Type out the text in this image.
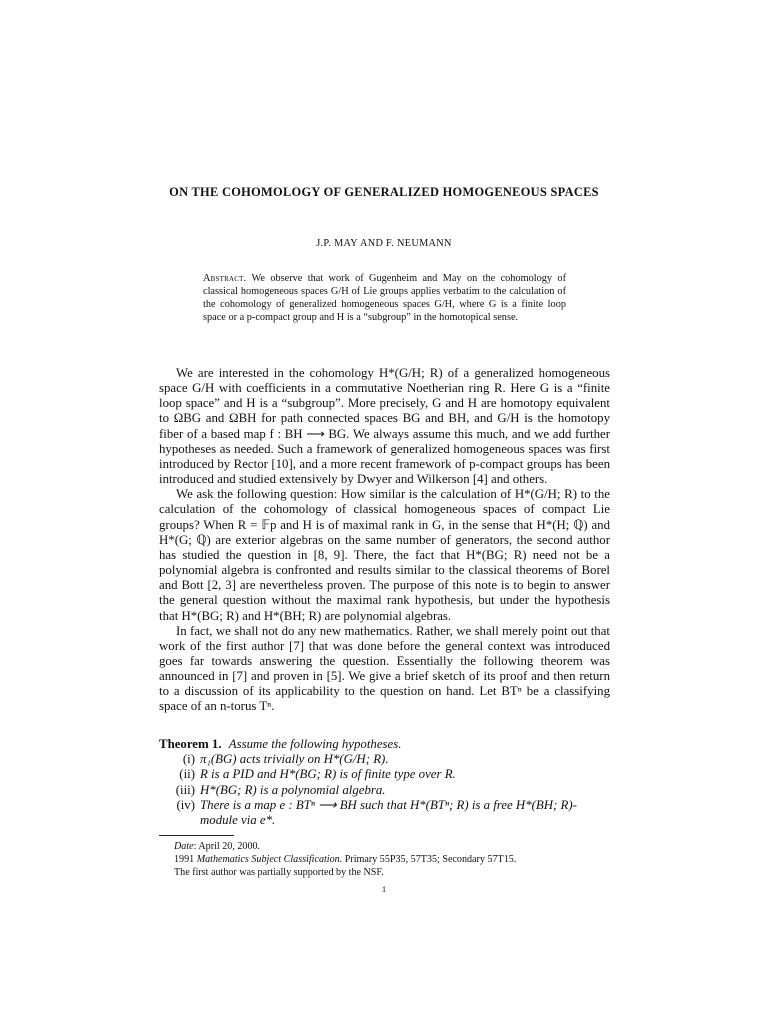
ON THE COHOMOLOGY OF GENERALIZED HOMOGENEOUS SPACES
J.P. MAY AND F. NEUMANN
Abstract. We observe that work of Gugenheim and May on the cohomology of classical homogeneous spaces G/H of Lie groups applies verbatim to the calculation of the cohomology of generalized homogeneous spaces G/H, where G is a finite loop space or a p-compact group and H is a “subgroup” in the homotopical sense.

We are interested in the cohomology H*(G/H; R) of a generalized homogeneous space G/H with coefficients in a commutative Noetherian ring R. Here G is a “finite loop space” and H is a “subgroup”. More precisely, G and H are homotopy equivalent to ΩBG and ΩBH for path connected spaces BG and BH, and G/H is the homotopy fiber of a based map f : BH ⟶ BG. We always assume this much, and we add further hypotheses as needed. Such a framework of generalized homogeneous spaces was first introduced by Rector [10], and a more recent framework of p-compact groups has been introduced and studied extensively by Dwyer and Wilkerson [4] and others.

We ask the following question: How similar is the calculation of H*(G/H; R) to the calculation of the cohomology of classical homogeneous spaces of compact Lie groups? When R = 𝔽p and H is of maximal rank in G, in the sense that H*(H; ℚ) and H*(G; ℚ) are exterior algebras on the same number of generators, the second author has studied the question in [8, 9]. There, the fact that H*(BG; R) need not be a polynomial algebra is confronted and results similar to the classical theorems of Borel and Bott [2, 3] are nevertheless proven. The purpose of this note is to begin to answer the general question without the maximal rank hypothesis, but under the hypothesis that H*(BG; R) and H*(BH; R) are polynomial algebras.

In fact, we shall not do any new mathematics. Rather, we shall merely point out that work of the first author [7] that was done before the general context was introduced goes far towards answering the question. Essentially the following theorem was announced in [7] and proven in [5]. We give a brief sketch of its proof and then return to a discussion of its applicability to the question on hand. Let BTⁿ be a classifying space of an n-torus Tⁿ.

Theorem 1. Assume the following hypotheses.
(i) π₁(BG) acts trivially on H*(G/H; R).
(ii) R is a PID and H*(BG; R) is of finite type over R.
(iii) H*(BG; R) is a polynomial algebra.
(iv) There is a map e : BTⁿ ⟶ BH such that H*(BTⁿ; R) is a free H*(BH; R)-module via e*.

Date: April 20, 2000.

1991 Mathematics Subject Classification. Primary 55P35, 57T35; Secondary 57T15.

The first author was partially supported by the NSF.

1
